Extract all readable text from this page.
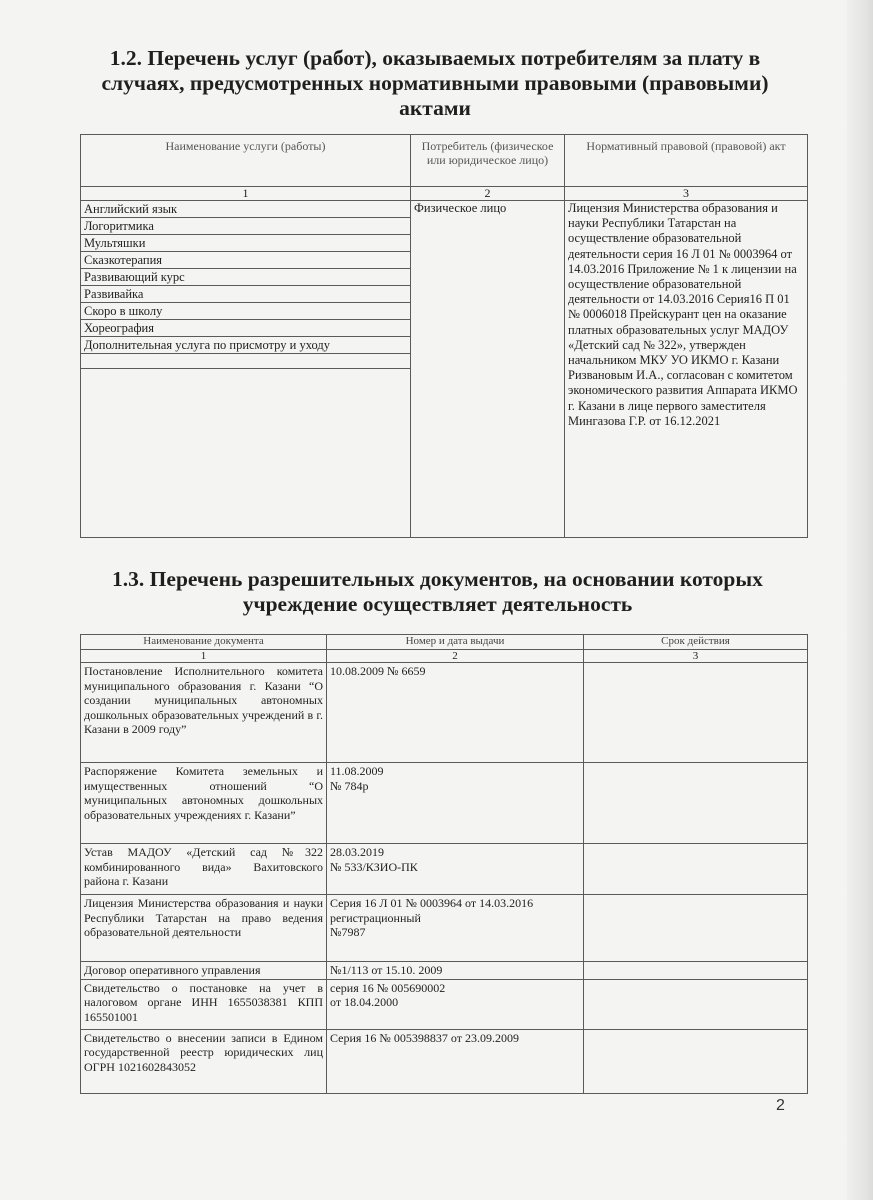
1.2. Перечень услуг (работ), оказываемых потребителям за плату в случаях, предусмотренных нормативными правовыми (правовыми) актами
Наименование услуги (работы)	Потребитель (физическое или юридическое лицо)	Нормативный правовой (правовой) акт
1	2	3
Английский язык	Физическое лицо	Лицензия Министерства образования и науки Республики Татарстан на осуществление образовательной деятельности серия 16 Л 01 № 0003964 от 14.03.2016 Приложение № 1 к лицензии на осуществление образовательной деятельности от 14.03.2016 Серия16 П 01 № 0006018 Прейскурант цен на оказание платных образовательных услуг МАДОУ «Детский сад № 322», утвержден начальником МКУ УО ИКМО г. Казани Ризвановым И.А., согласован с комитетом экономического развития Аппарата ИКМО г. Казани в лице первого заместителя Мингазова Г.Р. от 16.12.2021
Логоритмика		
Мультяшки		
Сказкотерапия		
Развивающий курс		
Развивайка		
Скоро в школу		
Хореография		
Дополнительная услуга по присмотру и уходу		

1.3. Перечень разрешительных документов, на основании которых учреждение осуществляет деятельность
Наименование документа	Номер и дата выдачи	Срок действия
1	2	3
Постановление Исполнительного комитета муниципального образования г. Казани “О создании муниципальных автономных дошкольных образовательных учреждений в г. Казани в 2009 году”	10.08.2009 № 6659	
Распоряжение Комитета земельных и имущественных отношений “О муниципальных автономных дошкольных образовательных учреждениях г. Казани”	11.08.2009
№ 784р	
Устав МАДОУ «Детский сад №322 комбинированного вида» Вахитовского района г. Казани	28.03.2019
№ 533/КЗИО-ПК	
Лицензия Министерства образования и науки Республики Татарстан на право ведения образовательной деятельности	Серия 16 Л 01 № 0003964 от 14.03.2016 регистрационный
№7987	
Договор оперативного управления	№1/113 от 15.10. 2009	
Свидетельство о постановке на учет в налоговом органе ИНН 1655038381 КПП 165501001	серия 16 № 005690002
от 18.04.2000	
Свидетельство о внесении записи в Едином государственной реестр юридических лиц ОГРН 1021602843052	Серия 16 № 005398837 от 23.09.2009	
2
